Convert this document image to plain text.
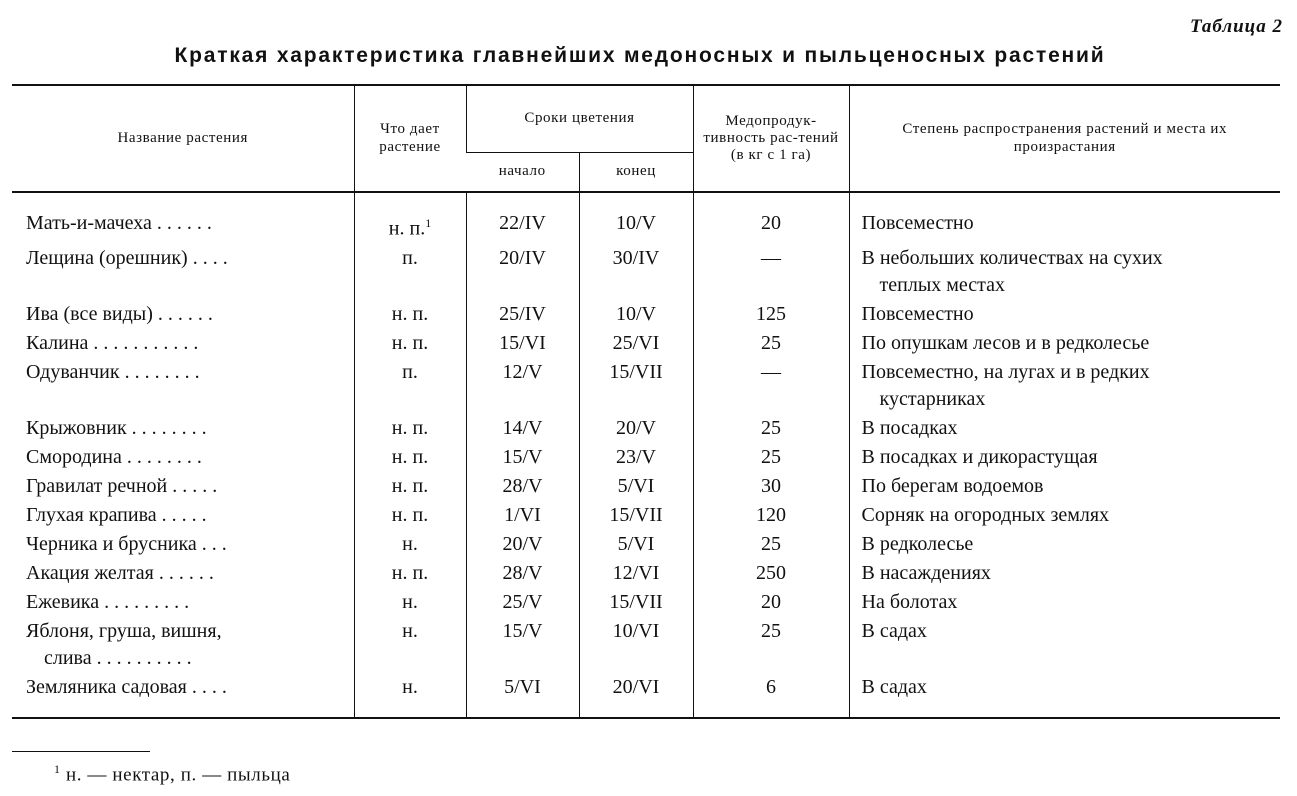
Таблица 2
Краткая характеристика главнейших медоносных и пыльценосных растений
Название растения	Что дает растение	Сроки цветения		Медопродук-тивность рас-тений (в кг с 1 га)	Степень распространения растений и места их произрастания
		начало	конец		

Мать-и-мачеха . . . . . .	н. п.$^1$	22/IV	10/V	20	Повсеместно
Лещина (орешник) . . . .	п.	20/IV	30/IV	—	В небольших количествах на сухих
теплых местах
Ива (все виды) . . . . . .	н. п.	25/IV	10/V	125	Повсеместно
Калина . . . . . . . . . . .	н. п.	15/VI	25/VI	25	По опушкам лесов и в редколесье
Одуванчик . . . . . . . .	п.	12/V	15/VII	—	Повсеместно, на лугах и в редких
кустарниках
Крыжовник . . . . . . . .	н. п.	14/V	20/V	25	В посадках
Смородина . . . . . . . .	н. п.	15/V	23/V	25	В посадках и дикорастущая
Гравилат речной . . . . .	н. п.	28/V	5/VI	30	По берегам водоемов
Глухая крапива . . . . .	н. п.	1/VI	15/VII	120	Сорняк на огородных землях
Черника и брусника . . .	н.	20/V	5/VI	25	В редколесье
Акация желтая . . . . . .	н. п.	28/V	12/VI	250	В насаждениях
Ежевика . . . . . . . . .	н.	25/V	15/VII	20	На болотах
Яблоня, груша, вишня,
слива . . . . . . . . . .	н.	15/V	10/VI	25	В садах
Земляника садовая . . . .	н.	5/VI	20/VI	6	В садах
$^1$ н. — нектар, п. — пыльца
